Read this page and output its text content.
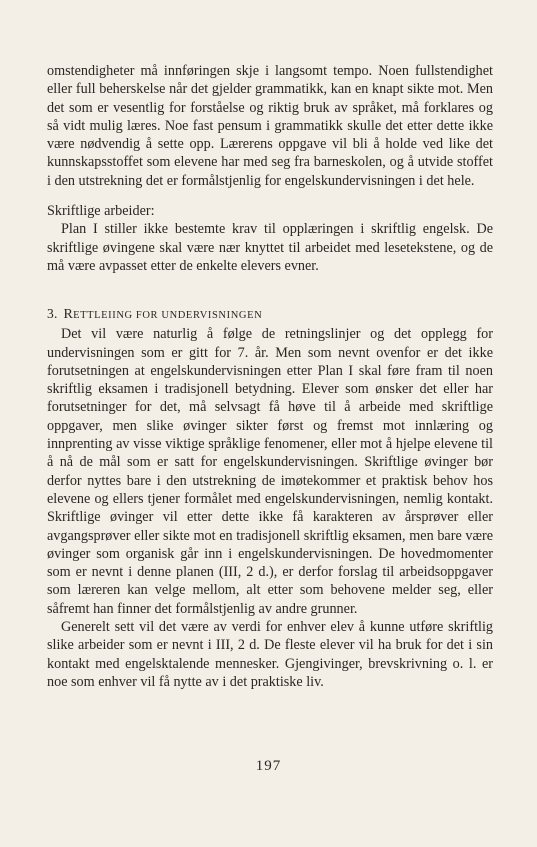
omstendigheter må innføringen skje i langsomt tempo. Noen fullstendighet eller full beherskelse når det gjelder grammatikk, kan en knapt sikte mot. Men det som er vesentlig for forståelse og riktig bruk av språket, må forklares og så vidt mulig læres. Noe fast pensum i grammatikk skulle det etter dette ikke være nødvendig å sette opp. Lærerens oppgave vil bli å holde ved like det kunnskapsstoffet som elevene har med seg fra barneskolen, og å utvide stoffet i den utstrekning det er formålstjenlig for engelskundervisningen i det hele.

Skriftlige arbeider:

Plan I stiller ikke bestemte krav til opplæringen i skriftlig engelsk. De skriftlige øvingene skal være nær knyttet til arbeidet med lesetekstene, og de må være avpasset etter de enkelte elevers evner.

3. RETTLEIING FOR UNDERVISNINGEN

Det vil være naturlig å følge de retningslinjer og det opplegg for undervisningen som er gitt for 7. år. Men som nevnt ovenfor er det ikke forutsetningen at engelskundervisningen etter Plan I skal føre fram til noen skriftlig eksamen i tradisjonell betydning. Elever som ønsker det eller har forutsetninger for det, må selvsagt få høve til å arbeide med skriftlige oppgaver, men slike øvinger sikter først og fremst mot innlæring og innprenting av visse viktige språklige fenomener, eller mot å hjelpe elevene til å nå de mål som er satt for engelskundervisningen. Skriftlige øvinger bør derfor nyttes bare i den utstrekning de imøtekommer et praktisk behov hos elevene og ellers tjener formålet med engelskundervisningen, nemlig kontakt. Skriftlige øvinger vil etter dette ikke få karakteren av årsprøver eller avgangsprøver eller sikte mot en tradisjonell skriftlig eksamen, men bare være øvinger som organisk går inn i engelskundervisningen. De hovedmomenter som er nevnt i denne planen (III, 2 d.), er derfor forslag til arbeidsoppgaver som læreren kan velge mellom, alt etter som behovene melder seg, eller såfremt han finner det formålstjenlig av andre grunner.

Generelt sett vil det være av verdi for enhver elev å kunne utføre skriftlig slike arbeider som er nevnt i III, 2 d. De fleste elever vil ha bruk for det i sin kontakt med engelsktalende mennesker. Gjengivinger, brevskrivning o. l. er noe som enhver vil få nytte av i det praktiske liv.

197
